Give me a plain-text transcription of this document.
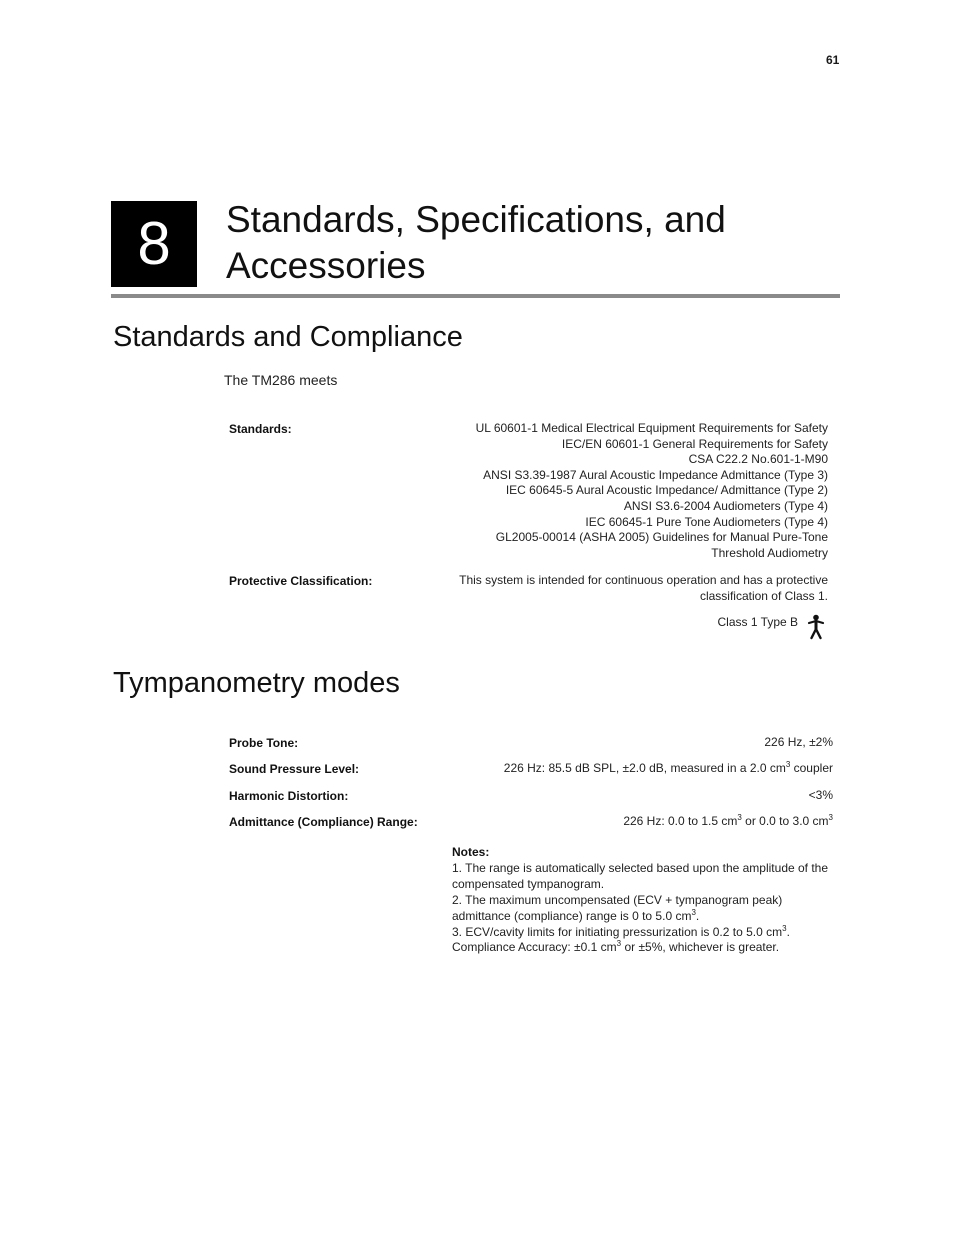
61
8	Standards, Specifications, and
Accessories
Standards and Compliance
The TM286 meets
Standards:	UL 60601-1 Medical Electrical Equipment Requirements for Safety
IEC/EN 60601-1 General Requirements for Safety
CSA C22.2 No.601-1-M90
ANSI S3.39-1987 Aural Acoustic Impedance Admittance (Type 3)
IEC 60645-5 Aural Acoustic Impedance/ Admittance (Type 2)
ANSI S3.6-2004 Audiometers (Type 4)
IEC 60645-1 Pure Tone Audiometers (Type 4)
GL2005-00014 (ASHA 2005) Guidelines for Manual Pure-Tone
Threshold Audiometry
Protective Classification:	This system is intended for continuous operation and has a protective
classification of Class 1.
Class 1 Type B
Tympanometry modes
Probe Tone:	226 Hz, ±2%
Sound Pressure Level:	226 Hz: 85.5 dB SPL, ±2.0 dB, measured in a 2.0 $cm^3$ coupler
Harmonic Distortion:	<3%
Admittance (Compliance) Range:	226 Hz: 0.0 to 1.5 $cm^3$ or 0.0 to 3.0 $cm^3$
Notes:
1. The range is automatically selected based upon the amplitude of the compensated tympanogram.
2. The maximum uncompensated (ECV + tympanogram peak) admittance (compliance) range is 0 to 5.0 $cm^3$.
3. ECV/cavity limits for initiating pressurization is 0.2 to 5.0 $cm^3$.
Compliance Accuracy: ±0.1 $cm^3$ or ±5%, whichever is greater.
